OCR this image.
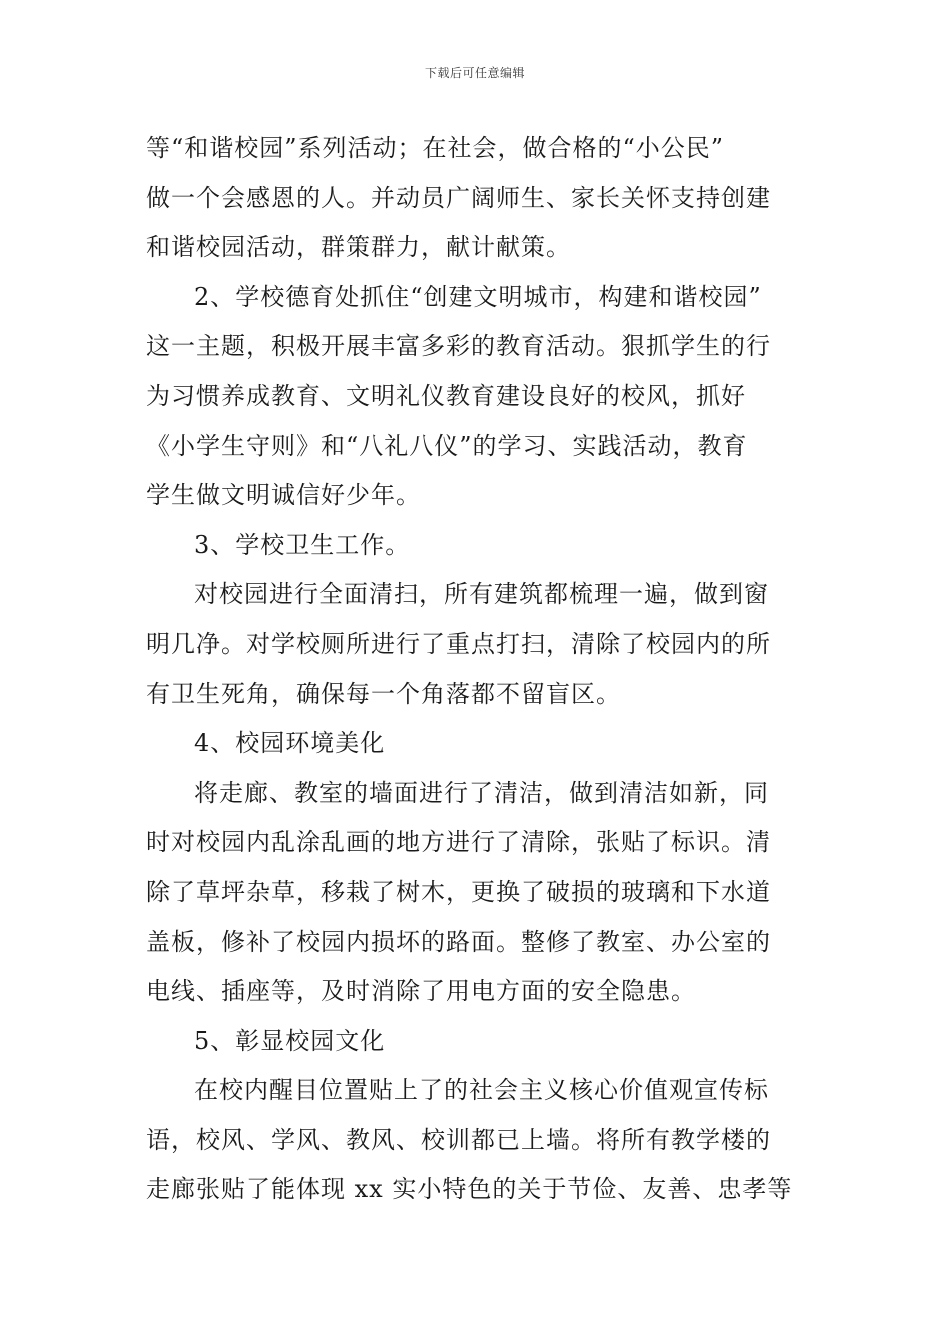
下载后可任意编辑

等“和谐校园”系列活动；在社会，做合格的“小公民”
做一个会感恩的人。并动员广阔师生、家长关怀支持创建
和谐校园活动，群策群力，献计献策。

2、学校德育处抓住“创建文明城市，构建和谐校园”
这一主题，积极开展丰富多彩的教育活动。狠抓学生的行
为习惯养成教育、文明礼仪教育建设良好的校风，抓好
《小学生守则》和“八礼八仪”的学习、实践活动，教育
学生做文明诚信好少年。

3、学校卫生工作。

对校园进行全面清扫，所有建筑都梳理一遍，做到窗
明几净。对学校厕所进行了重点打扫，清除了校园内的所
有卫生死角，确保每一个角落都不留盲区。

4、校园环境美化

将走廊、教室的墙面进行了清洁，做到清洁如新，同
时对校园内乱涂乱画的地方进行了清除，张贴了标识。清
除了草坪杂草，移栽了树木，更换了破损的玻璃和下水道
盖板，修补了校园内损坏的路面。整修了教室、办公室的
电线、插座等，及时消除了用电方面的安全隐患。

5、彰显校园文化

在校内醒目位置贴上了的社会主义核心价值观宣传标
语，校风、学风、教风、校训都已上墙。将所有教学楼的
走廊张贴了能体现 xx 实小特色的关于节俭、友善、忠孝等
